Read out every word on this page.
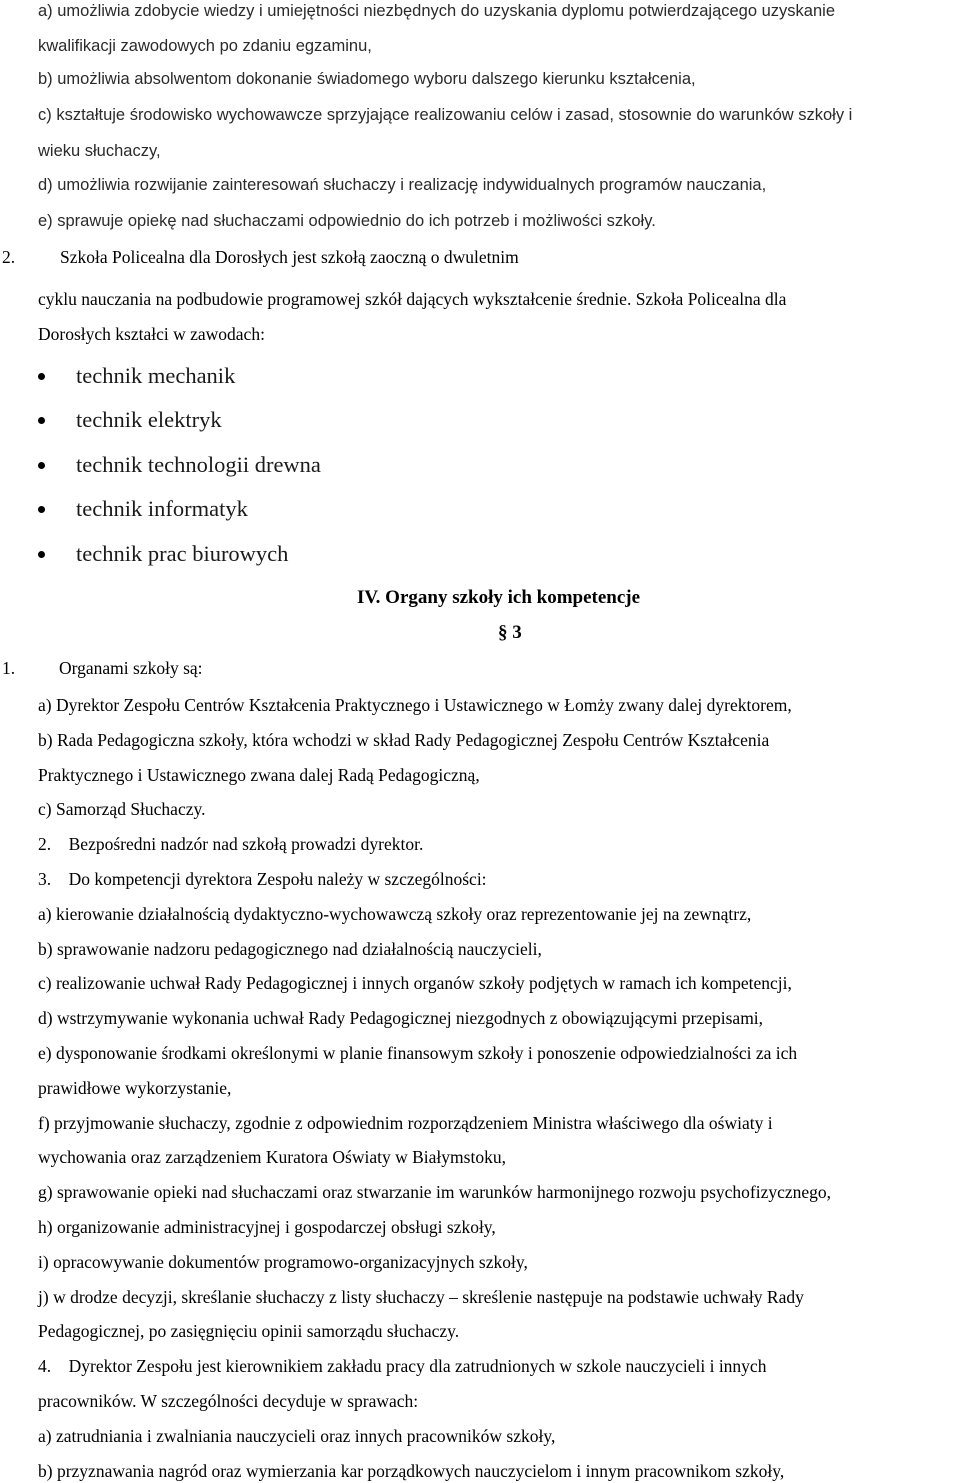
a) umożliwia zdobycie wiedzy i umiejętności niezbędnych do uzyskania dyplomu potwierdzającego uzyskanie
kwalifikacji zawodowych po zdaniu egzaminu,
b) umożliwia absolwentom dokonanie świadomego wyboru dalszego kierunku kształcenia,
c) kształtuje środowisko wychowawcze sprzyjające realizowaniu celów i zasad, stosownie do warunków szkoły i
wieku słuchaczy,
d) umożliwia rozwijanie zainteresowań słuchaczy i realizację indywidualnych programów nauczania,
e) sprawuje opiekę nad słuchaczami odpowiednio do ich potrzeb i możliwości szkoły.
2.	Szkoła Policealna dla Dorosłych jest szkołą zaoczną o dwuletnim
cyklu nauczania na podbudowie programowej szkół dających wykształcenie średnie. Szkoła Policealna dla
Dorosłych kształci w zawodach:
technik mechanik
technik elektryk
technik technologii drewna
technik informatyk
technik prac biurowych
IV. Organy szkoły ich kompetencje
§ 3
1.	Organami szkoły są:
a) Dyrektor Zespołu Centrów Kształcenia Praktycznego i Ustawicznego w Łomży zwany dalej dyrektorem,
b) Rada Pedagogiczna szkoły, która wchodzi w skład Rady Pedagogicznej Zespołu Centrów Kształcenia
Praktycznego i Ustawicznego zwana dalej Radą Pedagogiczną,
c) Samorząd Słuchaczy.
2.    Bezpośredni nadzór nad szkołą prowadzi dyrektor.
3.    Do kompetencji dyrektora Zespołu należy w szczególności:
a) kierowanie działalnością dydaktyczno-wychowawczą szkoły oraz reprezentowanie jej na zewnątrz,
b) sprawowanie nadzoru pedagogicznego nad działalnością nauczycieli,
c) realizowanie uchwał Rady Pedagogicznej i innych organów szkoły podjętych w ramach ich kompetencji,
d) wstrzymywanie wykonania uchwał Rady Pedagogicznej niezgodnych z obowiązującymi przepisami,
e) dysponowanie środkami określonymi w planie finansowym szkoły i ponoszenie odpowiedzialności za ich
prawidłowe wykorzystanie,
f) przyjmowanie słuchaczy, zgodnie z odpowiednim rozporządzeniem Ministra właściwego dla oświaty i
wychowania oraz zarządzeniem Kuratora Oświaty w Białymstoku,
g) sprawowanie opieki nad słuchaczami oraz stwarzanie im warunków harmonijnego rozwoju psychofizycznego,
h) organizowanie administracyjnej i gospodarczej obsługi szkoły,
i) opracowywanie dokumentów programowo-organizacyjnych szkoły,
j) w drodze decyzji, skreślanie słuchaczy z listy słuchaczy – skreślenie następuje na podstawie uchwały Rady
Pedagogicznej, po zasięgnięciu opinii samorządu słuchaczy.
4.    Dyrektor Zespołu jest kierownikiem zakładu pracy dla zatrudnionych w szkole nauczycieli i innych
pracowników. W szczególności decyduje w sprawach:
a) zatrudniania i zwalniania nauczycieli oraz innych pracowników szkoły,
b) przyznawania nagród oraz wymierzania kar porządkowych nauczycielom i innym pracownikom szkoły,
